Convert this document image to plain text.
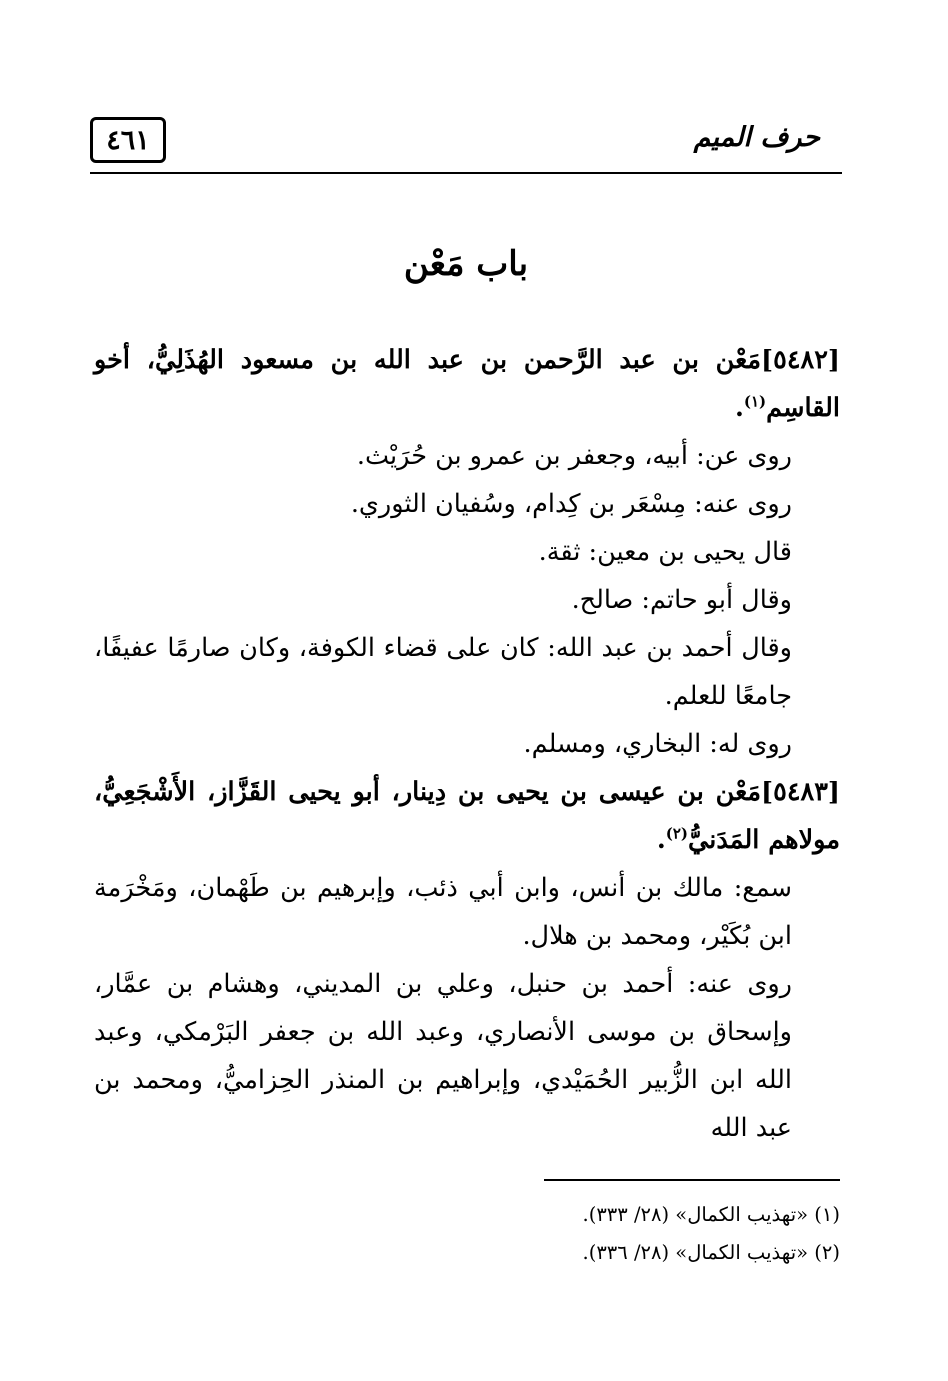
حرف الميم
٤٦١
باب مَعْن

[٥٤٨٢]مَعْن بن عبد الرَّحمن بن عبد الله بن مسعود الهُذَلِيُّ، أخو القاسِم$^{(١)}$.

روى عن: أبيه، وجعفر بن عمرو بن حُرَيْث.

روى عنه: مِسْعَر بن كِدام، وسُفيان الثوري.

قال يحيى بن معين: ثقة.

وقال أبو حاتم: صالح.

وقال أحمد بن عبد الله: كان على قضاء الكوفة، وكان صارمًا عفيفًا، جامعًا للعلم.

روى له: البخاري، ومسلم.

[٥٤٨٣]مَعْن بن عيسى بن يحيى بن دِينار، أبو يحيى القَزَّاز، الأَشْجَعِيُّ، مولاهم المَدَنيُّ$^{(٢)}$.

سمع: مالك بن أنس، وابن أبي ذئب، وإبرهيم بن طَهْمان، ومَخْرَمة ابن بُكَيْر، ومحمد بن هلال.

روى عنه: أحمد بن حنبل، وعلي بن المديني، وهشام بن عمَّار، وإسحاق بن موسى الأنصاري، وعبد الله بن جعفر البَرْمكي، وعبد الله ابن الزُّبير الحُمَيْدي، وإبراهيم بن المنذر الحِزاميُّ، ومحمد بن عبد الله

(١) «تهذيب الكمال» (٢٨/ ٣٣٣).

(٢) «تهذيب الكمال» (٢٨/ ٣٣٦).
